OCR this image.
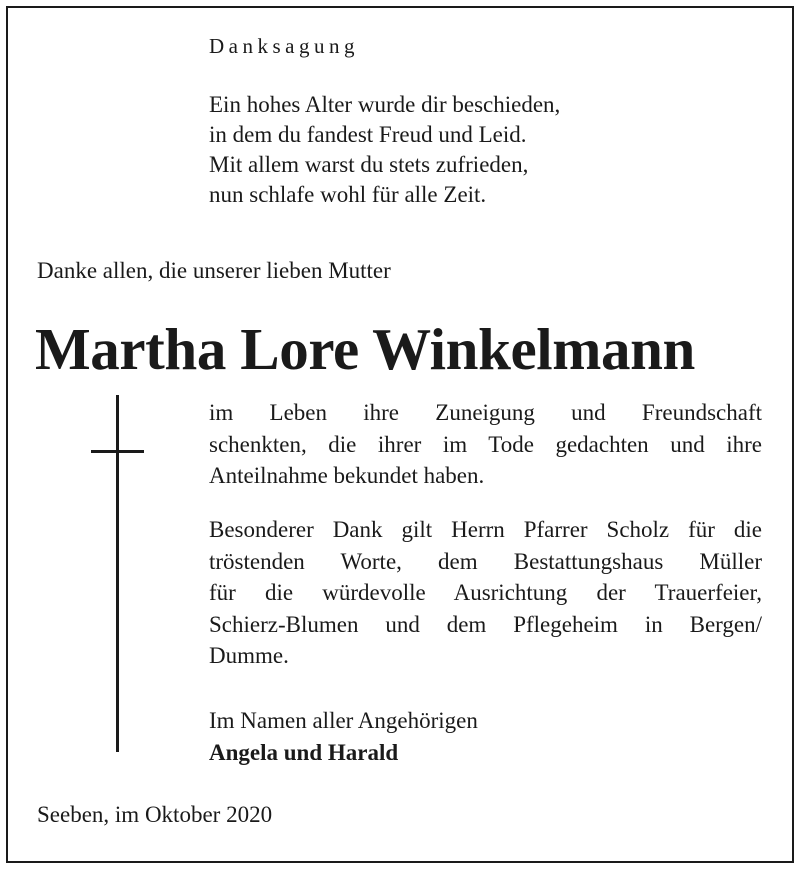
Danksagung
Ein hohes Alter wurde dir beschieden,
in dem du fandest Freud und Leid.
Mit allem warst du stets zufrieden,
nun schlafe wohl für alle Zeit.
Danke allen, die unserer lieben Mutter
Martha Lore Winkelmann
im Leben ihre Zuneigung und Freundschaft
schenkten, die ihrer im Tode gedachten und ihre
Anteilnahme bekundet haben.
Besonderer Dank gilt Herrn Pfarrer Scholz für die
tröstenden Worte, dem Bestattungshaus Müller
für die würdevolle Ausrichtung der Trauerfeier,
Schierz-Blumen und dem Pflegeheim in Bergen/
Dumme.
Im Namen aller Angehörigen
Angela und Harald
Seeben, im Oktober 2020
